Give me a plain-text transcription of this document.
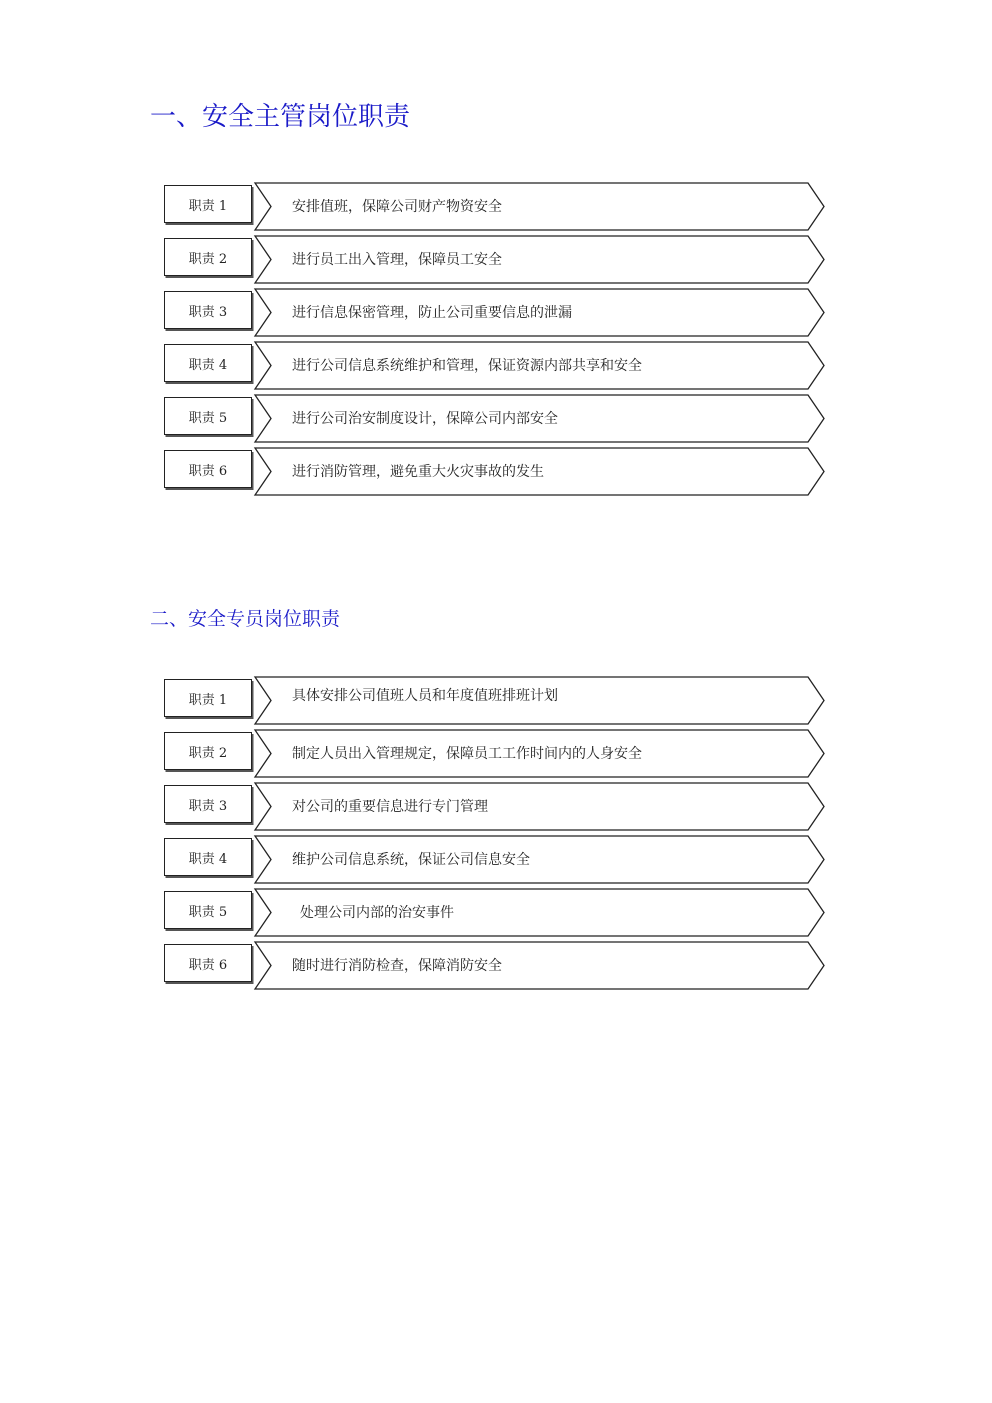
一、安全主管岗位职责
职责 1	安排值班，保障公司财产物资安全
职责 2	进行员工出入管理，保障员工安全
职责 3	进行信息保密管理，防止公司重要信息的泄漏
职责 4	进行公司信息系统维护和管理，保证资源内部共享和安全
职责 5	进行公司治安制度设计，保障公司内部安全
职责 6	进行消防管理，避免重大火灾事故的发生
二、安全专员岗位职责
职责 1	具体安排公司值班人员和年度值班排班计划
职责 2	制定人员出入管理规定，保障员工工作时间内的人身安全
职责 3	对公司的重要信息进行专门管理
职责 4	维护公司信息系统，保证公司信息安全
职责 5	处理公司内部的治安事件
职责 6	随时进行消防检查，保障消防安全
